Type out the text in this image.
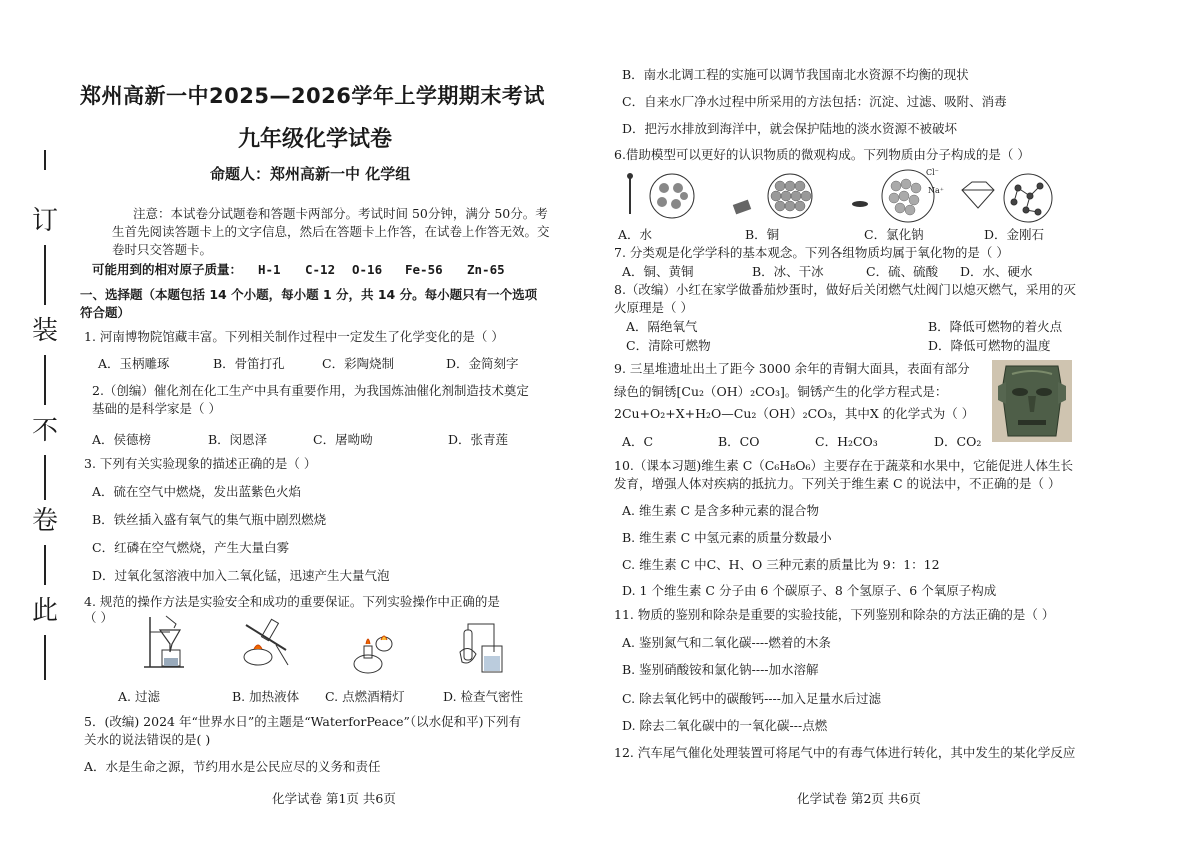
订
装
不
卷
此
郑州高新一中2025—2026学年上学期期末考试
九年级化学试卷
命题人：郑州高新一中 化学组
注意：本试卷分试题卷和答题卡两部分。考试时间 50分钟，满分 50分。考
生首先阅读答题卡上的文字信息，然后在答题卡上作答，在试卷上作答无效。交
卷时只交答题卡。
可能用到的相对原子质量： H-1 C-12 O-16 Fe-56 Zn-65
一、选择题（本题包括 14 个小题，每小题 1 分，共 14 分。每小题只有一个选项
符合题）
1. 河南博物院馆藏丰富。下列相关制作过程中一定发生了化学变化的是（ ）
A．玉柄雕琢	B．骨笛打孔	C．彩陶烧制	D．金简刻字
2.（创编）催化剂在化工生产中具有重要作用，为我国炼油催化剂制造技术奠定
基础的是科学家是（ ）
A．侯德榜	B．闵恩泽	C．屠呦呦	D．张青莲
3. 下列有关实验现象的描述正确的是（ ）
A．硫在空气中燃烧，发出蓝紫色火焰
B．铁丝插入盛有氧气的集气瓶中剧烈燃烧
C．红磷在空气燃烧，产生大量白雾
D．过氧化氢溶液中加入二氧化锰，迅速产生大量气泡
4. 规范的操作方法是实验安全和成功的重要保证。下列实验操作中正确的是
（ ）
A. 过滤	B. 加热液体 C. 点燃酒精灯	D. 检查气密性
5．(改编) 2024 年“世界水日”的主题是“WaterforPeace”（以水促和平)下列有
关水的说法错误的是( )
A．水是生命之源，节约用水是公民应尽的义务和责任
化学试卷 第1页 共6页
B．南水北调工程的实施可以调节我国南北水资源不均衡的现状
C．自来水厂净水过程中所采用的方法包括：沉淀、过滤、吸附、消毒
D．把污水排放到海洋中，就会保护陆地的淡水资源不被破坏
6.借助模型可以更好的认识物质的微观构成。下列物质由分子构成的是（ ）
Cl⁻
Na⁺
A．水	B．铜	C．氯化钠	D．金刚石
7. 分类观是化学学科的基本观念。下列各组物质均属于氧化物的是（ ）
A．铜、黄铜	B．冰、干冰	C．硫、硫酸 D．水、硬水
8.（改编）小红在家学做番茄炒蛋时，做好后关闭燃气灶阀门以熄灭燃气，采用的灭
火原理是（ ）
A．隔绝氧气	B．降低可燃物的着火点
C．清除可燃物	D．降低可燃物的温度
9. 三星堆遗址出土了距今 3000 余年的青铜大面具，表面有部分
绿色的铜锈[Cu₂（OH）₂CO₃]。铜锈产生的化学方程式是：
2Cu+O₂+X+H₂O—Cu₂（OH）₂CO₃，其中X 的化学式为（ ）
A．C	B．CO	C．H₂CO₃	D．CO₂
10.（课本习题)维生素 C（C₆H₈O₆）主要存在于蔬菜和水果中，它能促进人体生长
发育，增强人体对疾病的抵抗力。下列关于维生素 C 的说法中，不正确的是（ ）
A. 维生素 C 是含多种元素的混合物
B. 维生素 C 中氢元素的质量分数最小
C. 维生素 C 中C、H、O 三种元素的质量比为 9：1：12
D. 1 个维生素 C 分子由 6 个碳原子、8 个氢原子、6 个氧原子构成
11. 物质的鉴别和除杂是重要的实验技能，下列鉴别和除杂的方法正确的是（ ）
A. 鉴别氮气和二氧化碳----燃着的木条
B. 鉴别硝酸铵和氯化钠----加水溶解
C. 除去氧化钙中的碳酸钙----加入足量水后过滤
D. 除去二氧化碳中的一氧化碳---点燃
12. 汽车尾气催化处理装置可将尾气中的有毒气体进行转化，其中发生的某化学反应
化学试卷 第2页 共6页
